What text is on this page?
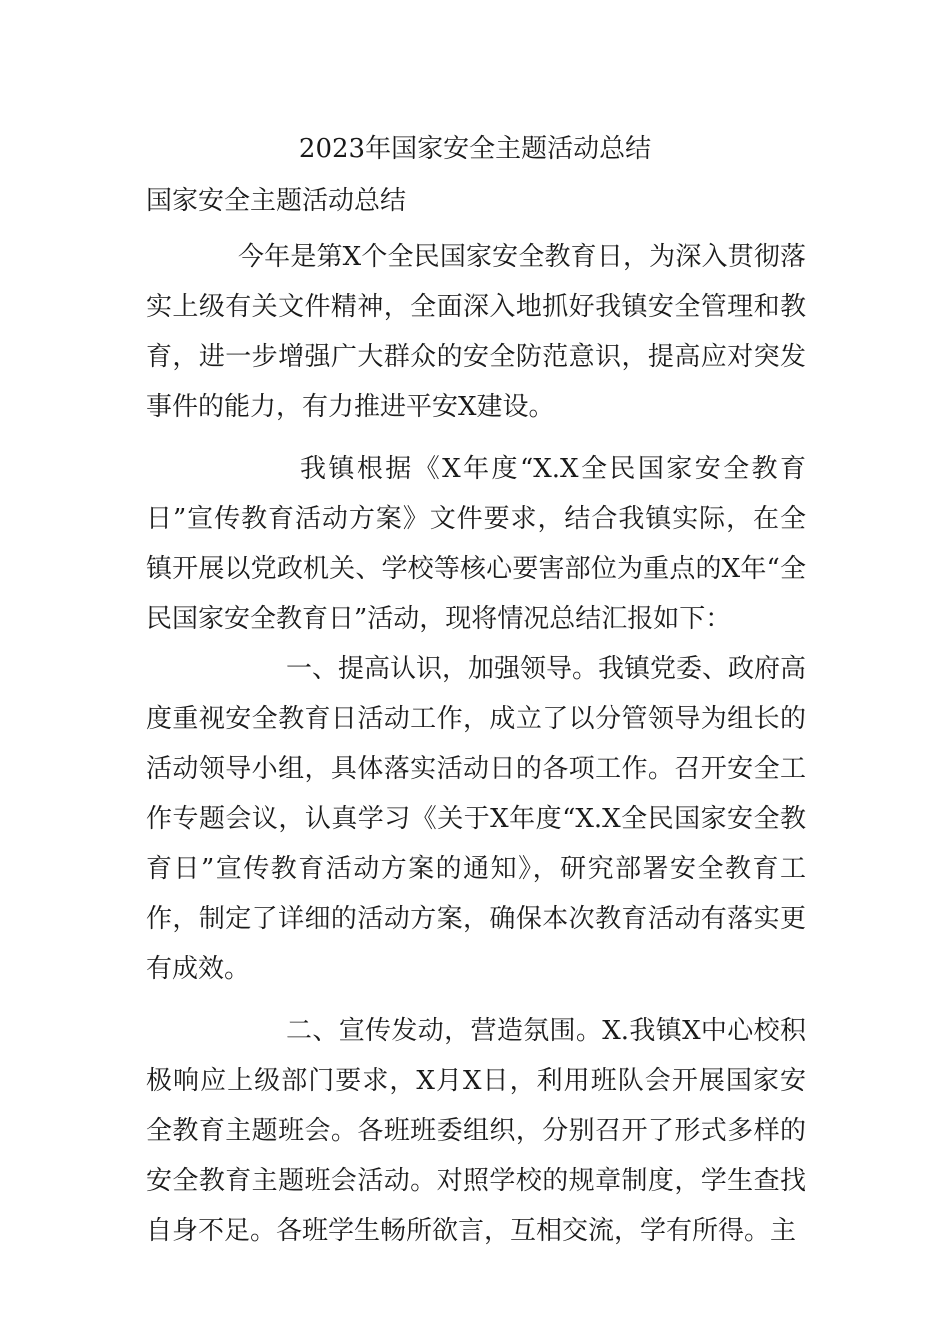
2023年国家安全主题活动总结

国家安全主题活动总结

今年是第X个全民国家安全教育日，为深入贯彻落实上级有关文件精神，全面深入地抓好我镇安全管理和教育，进一步增强广大群众的安全防范意识，提高应对突发事件的能力，有力推进平安X建设。

我镇根据《X年度“X.X全民国家安全教育日”宣传教育活动方案》文件要求，结合我镇实际，在全镇开展以党政机关、学校等核心要害部位为重点的X年“全民国家安全教育日”活动，现将情况总结汇报如下：

一、提高认识，加强领导。我镇党委、政府高度重视安全教育日活动工作，成立了以分管领导为组长的活动领导小组，具体落实活动日的各项工作。召开安全工作专题会议，认真学习《关于X年度“X.X全民国家安全教育日”宣传教育活动方案的通知》，研究部署安全教育工作，制定了详细的活动方案，确保本次教育活动有落实更有成效。

二、宣传发动，营造氛围。X.我镇X中心校积极响应上级部门要求，X月X日，利用班队会开展国家安全教育主题班会。各班班委组织，分别召开了形式多样的安全教育主题班会活动。对照学校的规章制度，学生查找自身不足。各班学生畅所欲言，互相交流，学有所得。主
